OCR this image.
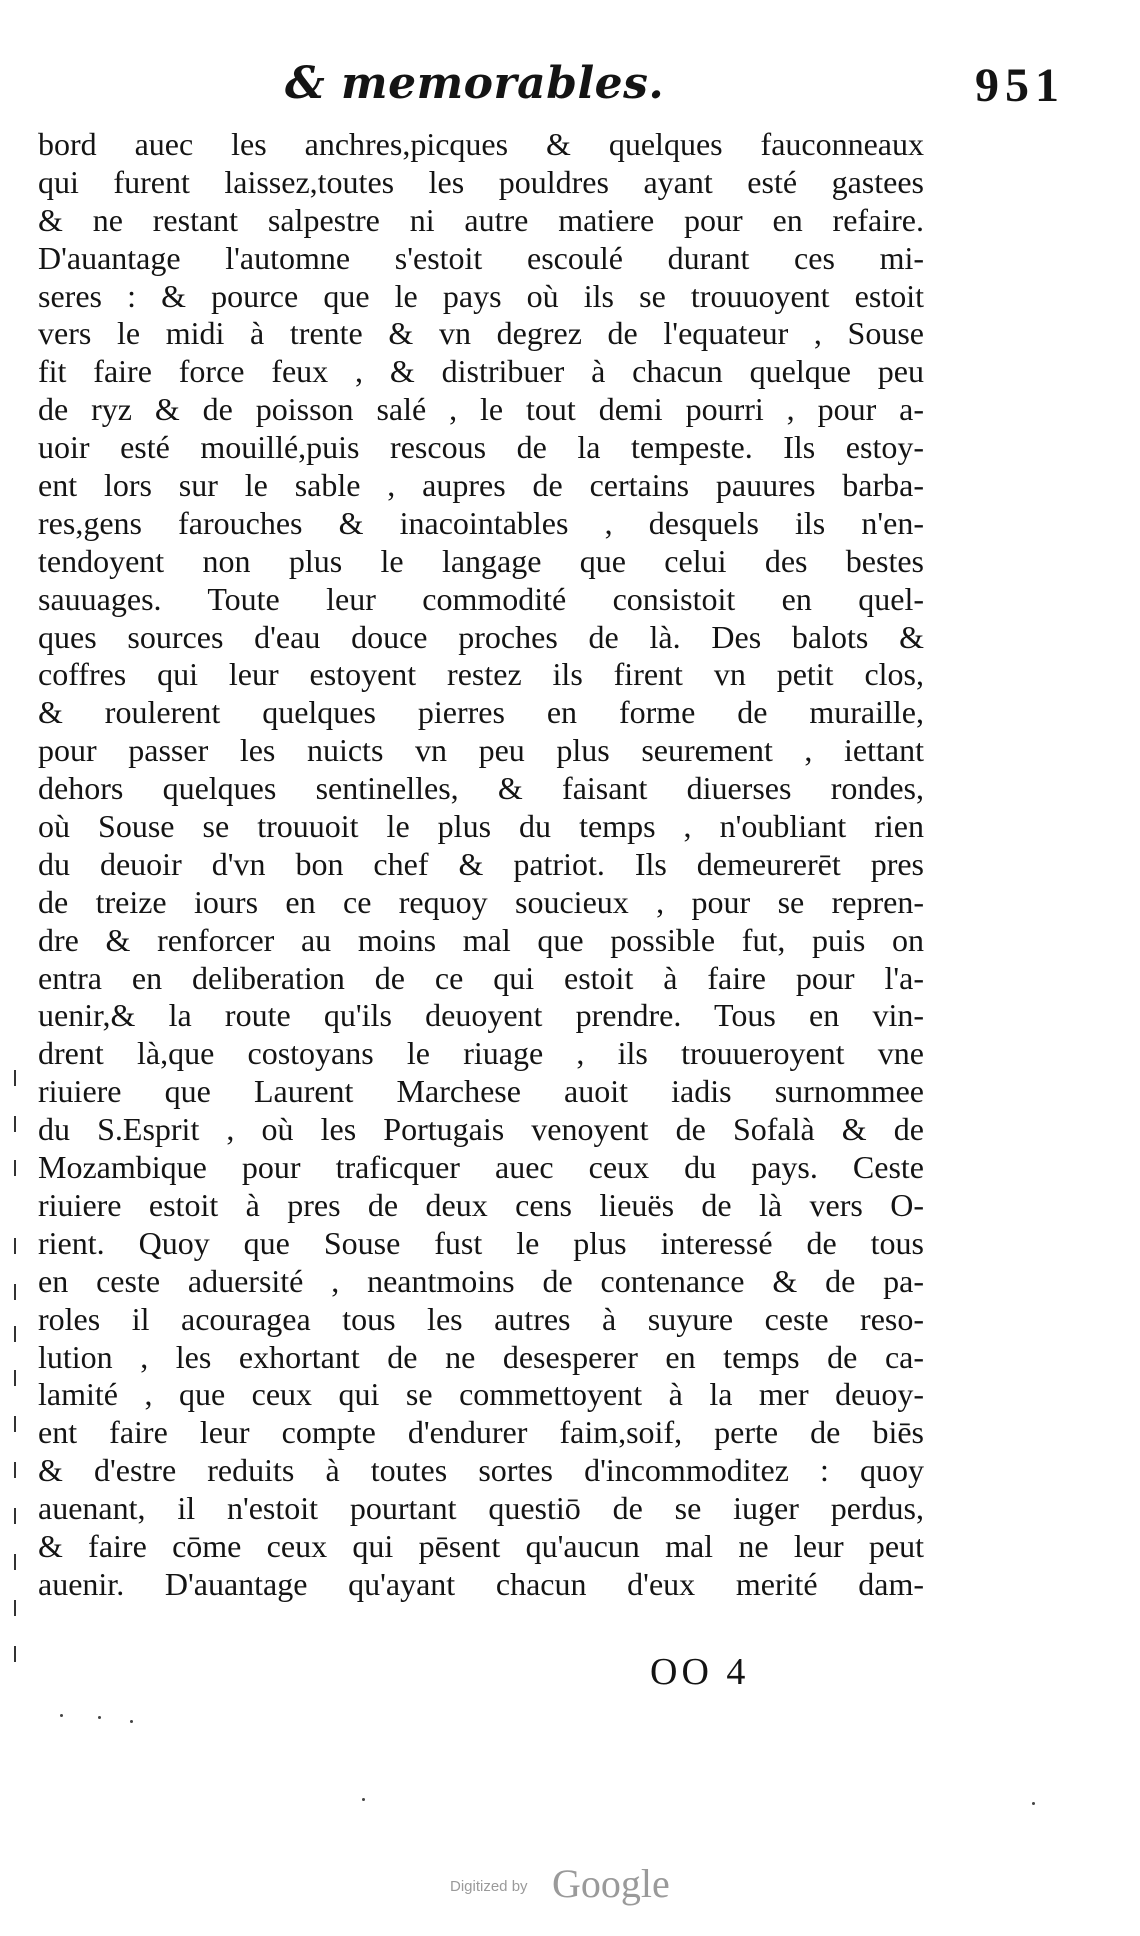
& memorables.	951
bord auec les anchres,picques & quelques fauconneaux
qui furent laissez,toutes les pouldres ayant esté gastees
& ne restant salpestre ni autre matiere pour en refaire.
D'auantage l'automne s'estoit escoulé durant ces mi-
seres : & pource que le pays où ils se trouuoyent estoit
vers le midi à trente & vn degrez de l'equateur , Souse
fit faire force feux , & distribuer à chacun quelque peu
de ryz & de poisson salé , le tout demi pourri , pour a-
uoir esté mouillé,puis rescous de la tempeste. Ils estoy-
ent lors sur le sable , aupres de certains pauures barba-
res,gens farouches & inacointables , desquels ils n'en-
tendoyent non plus le langage que celui des bestes
sauuages. Toute leur commodité consistoit en quel-
ques sources d'eau douce proches de là. Des balots &
coffres qui leur estoyent restez ils firent vn petit clos,
& roulerent quelques pierres en forme de muraille,
pour passer les nuicts vn peu plus seurement , iettant
dehors quelques sentinelles, & faisant diuerses rondes,
où Souse se trouuoit le plus du temps , n'oubliant rien
du deuoir d'vn bon chef & patriot. Ils demeurerēt pres
de treize iours en ce requoy soucieux , pour se repren-
dre & renforcer au moins mal que possible fut, puis on
entra en deliberation de ce qui estoit à faire pour l'a-
uenir,& la route qu'ils deuoyent prendre. Tous en vin-
drent là,que costoyans le riuage , ils trouueroyent vne
riuiere que Laurent Marchese auoit iadis surnommee
du S.Esprit , où les Portugais venoyent de Sofalà & de
Mozambique pour traficquer auec ceux du pays. Ceste
riuiere estoit à pres de deux cens lieuës de là vers O-
rient. Quoy que Souse fust le plus interessé de tous
en ceste aduersité , neantmoins de contenance & de pa-
roles il acouragea tous les autres à suyure ceste reso-
lution , les exhortant de ne desesperer en temps de ca-
lamité , que ceux qui se commettoyent à la mer deuoy-
ent faire leur compte d'endurer faim,soif, perte de biēs
& d'estre reduits à toutes sortes d'incommoditez : quoy
auenant, il n'estoit pourtant questiō de se iuger perdus,
& faire cōme ceux qui pēsent qu'aucun mal ne leur peut
auenir. D'auantage qu'ayant chacun d'eux merité dam-
OO 4
Digitized by Google
